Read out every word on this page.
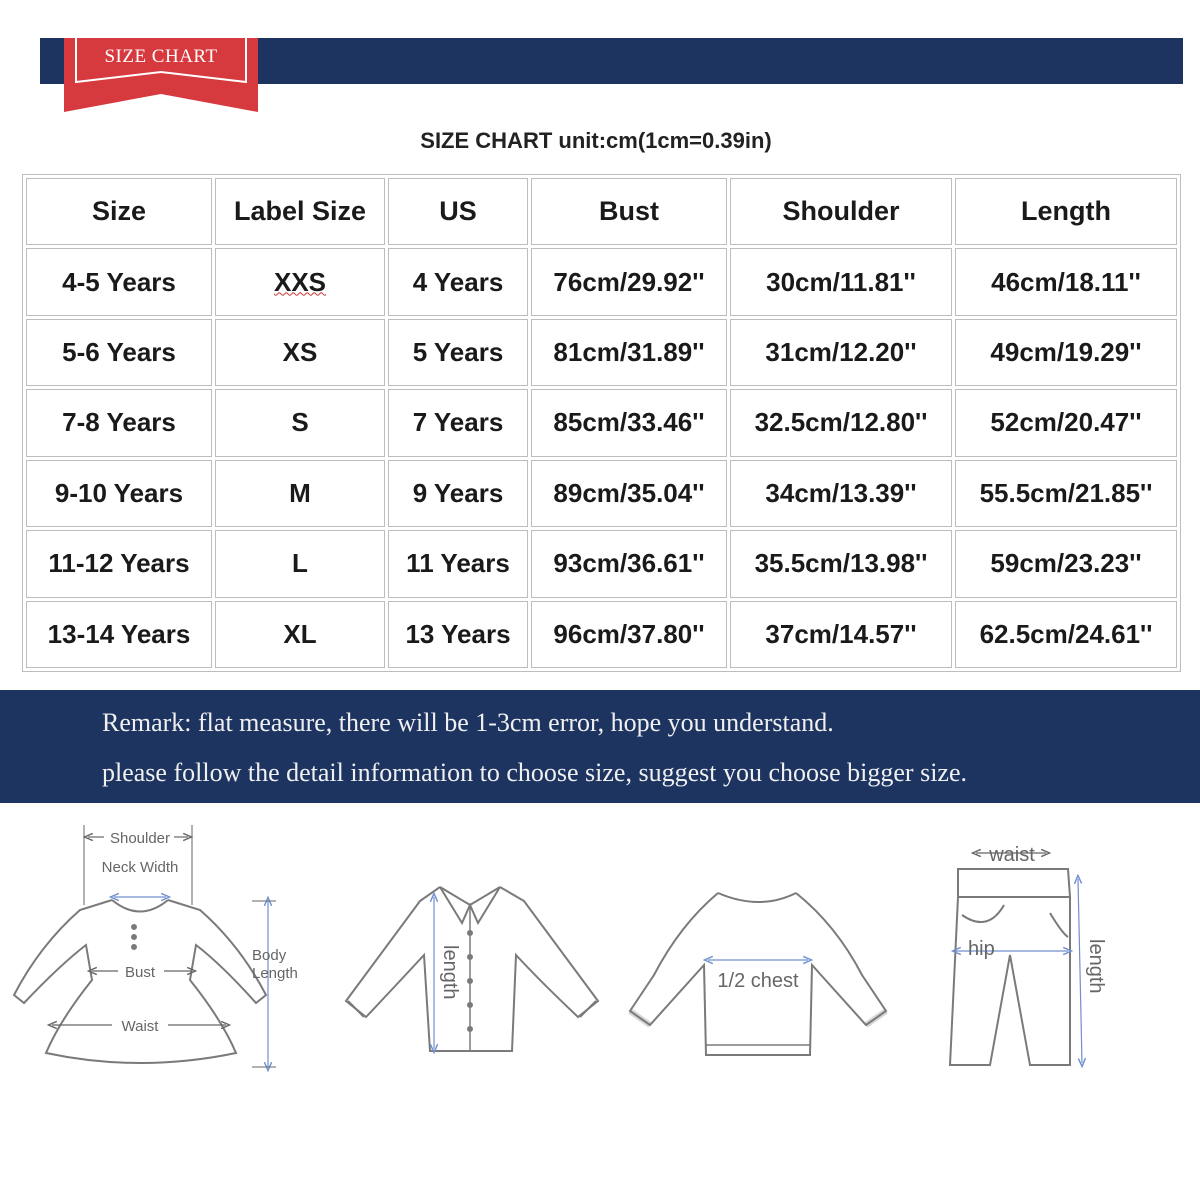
SIZE CHART
SIZE CHART unit:cm(1cm=0.39in)
Size	Label Size	US	Bust	Shoulder	Length
4-5 Years	XXS	4 Years	76cm/29.92''	30cm/11.81''	46cm/18.11''
5-6 Years	XS	5 Years	81cm/31.89''	31cm/12.20''	49cm/19.29''
7-8 Years	S	7 Years	85cm/33.46''	32.5cm/12.80''	52cm/20.47''
9-10 Years	M	9 Years	89cm/35.04''	34cm/13.39''	55.5cm/21.85''
11-12 Years	L	11 Years	93cm/36.61''	35.5cm/13.98''	59cm/23.23''
13-14 Years	XL	13 Years	96cm/37.80''	37cm/14.57''	62.5cm/24.61''
Remark: flat measure, there will be 1-3cm error, hope you understand.
please follow the detail information to choose size, suggest you choose bigger size.
Shoulder
Neck Width
Bust
Waist
Body
Length	length	1/2 chest
waist
hip	length
